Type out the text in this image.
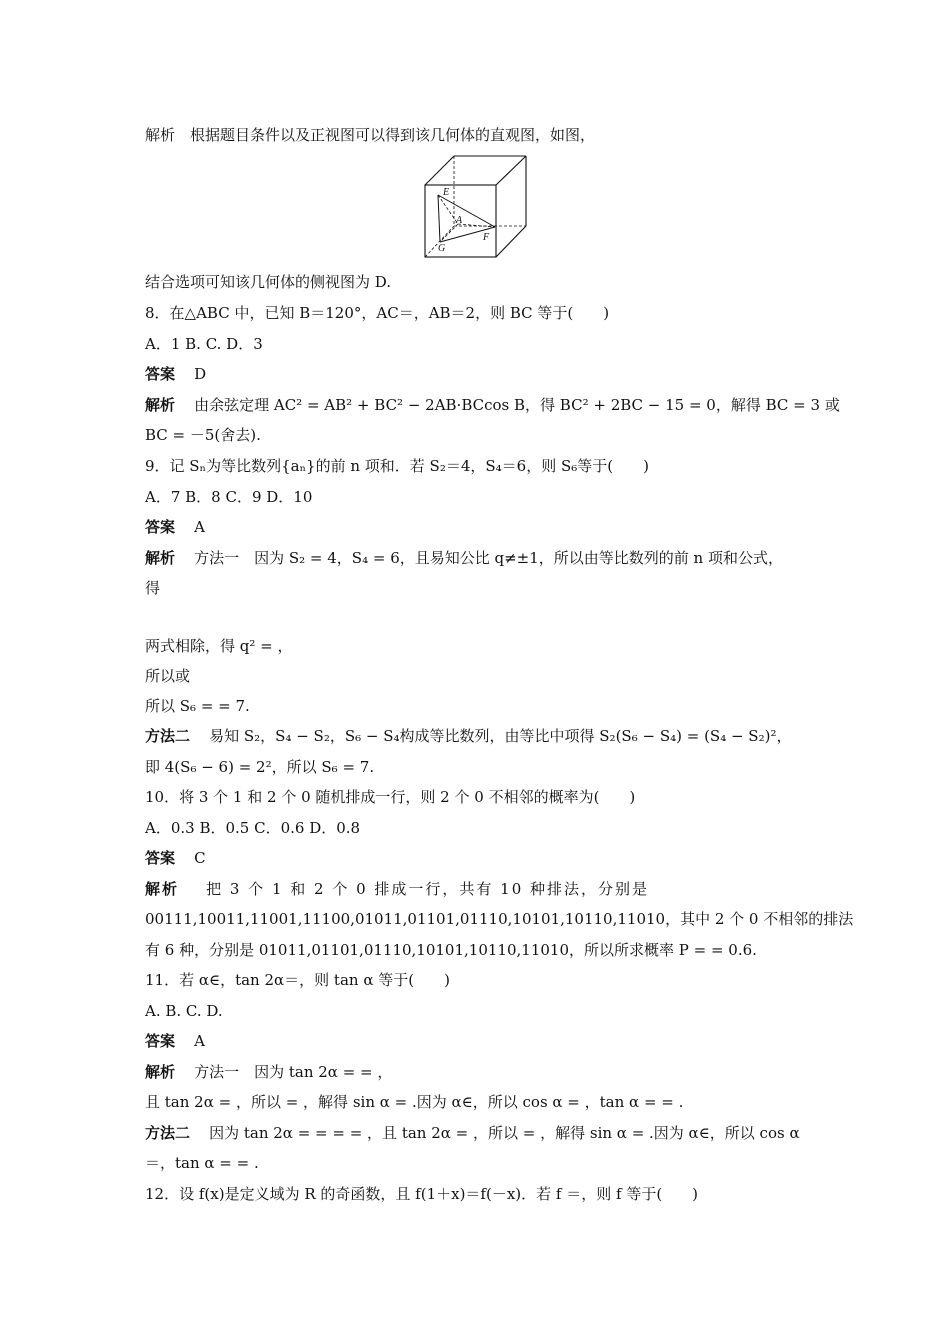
解析　根据题目条件以及正视图可以得到该几何体的直观图，如图，
E
A
F
G
结合选项可知该几何体的侧视图为 D.
8．在△ABC 中，已知 B＝120°，AC＝，AB＝2，则 BC 等于(　　)
A．1 B. C. D．3
答案 D
解析 由余弦定理 AC² = AB² + BC² − 2AB·BCcos B，得 BC² + 2BC − 15 = 0，解得 BC = 3 或
BC = －5(舍去).
9．记 Sₙ为等比数列{aₙ}的前 n 项和．若 S₂＝4，S₄＝6，则 S₆等于(　　)
A．7 B．8 C．9 D．10
答案 A
解析 方法一　因为 S₂ = 4，S₄ = 6，且易知公比 q≠±1，所以由等比数列的前 n 项和公式，
得
两式相除，得 q² = ，
所以或
所以 S₆ = = 7.
方法二 易知 S₂，S₄ − S₂，S₆ − S₄构成等比数列，由等比中项得 S₂(S₆ − S₄) = (S₄ − S₂)²，
即 4(S₆ − 6) = 2²，所以 S₆ = 7.
10．将 3 个 1 和 2 个 0 随机排成一行，则 2 个 0 不相邻的概率为(　　)
A．0.3 B．0.5 C．0.6 D．0.8
答案 C
解析 把 3 个 1 和 2 个 0 排成一行，共有 10 种排法，分别是
00111,10011,11001,11100,01011,01101,01110,10101,10110,11010，其中 2 个 0 不相邻的排法
有 6 种，分别是 01011,01101,01110,10101,10110,11010，所以所求概率 P = = 0.6.
11．若 α∈，tan 2α＝，则 tan α 等于(　　)
A. B. C. D.
答案 A
解析 方法一　因为 tan 2α = = ，
且 tan 2α = ，所以 = ，解得 sin α = .因为 α∈，所以 cos α = ，tan α = = .
方法二 因为 tan 2α = = = = ，且 tan 2α = ，所以 = ，解得 sin α = .因为 α∈，所以 cos α
＝，tan α = = .
12．设 f(x)是定义域为 R 的奇函数，且 f(1＋x)＝f(－x)．若 f ＝，则 f 等于(　　)
